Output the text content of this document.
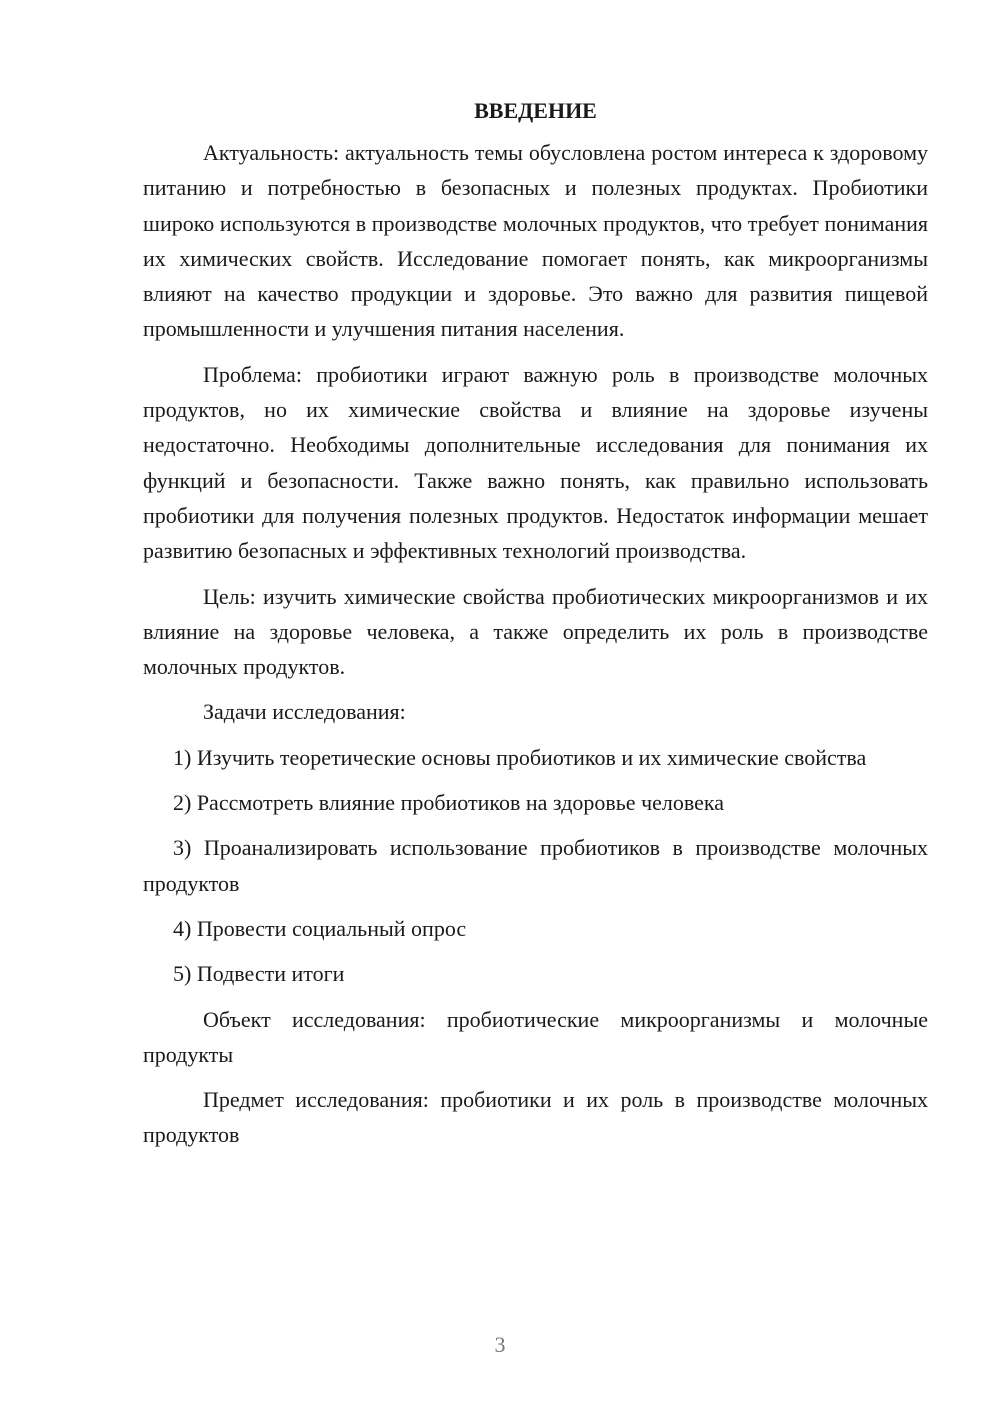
ВВЕДЕНИЕ

Актуальность: актуальность темы обусловлена ростом интереса к здоровому питанию и потребностью в безопасных и полезных продуктах. Пробиотики широко используются в производстве молочных продуктов, что требует понимания их химических свойств. Исследование помогает понять, как микроорганизмы влияют на качество продукции и здоровье. Это важно для развития пищевой промышленности и улучшения питания населения.

Проблема: пробиотики играют важную роль в производстве молочных продуктов, но их химические свойства и влияние на здоровье изучены недостаточно. Необходимы дополнительные исследования для понимания их функций и безопасности. Также важно понять, как правильно использовать пробиотики для получения полезных продуктов. Недостаток информации мешает развитию безопасных и эффективных технологий производства.

Цель: изучить химические свойства пробиотических микроорганизмов и их влияние на здоровье человека, а также определить их роль в производстве молочных продуктов.

Задачи исследования:

1) Изучить теоретические основы пробиотиков и их химические свойства

2) Рассмотреть влияние пробиотиков на здоровье человека

3) Проанализировать использование пробиотиков в производстве молочных продуктов

4) Провести социальный опрос

5) Подвести итоги

Объект исследования: пробиотические микроорганизмы и молочные продукты

Предмет исследования: пробиотики и их роль в производстве молочных продуктов

3
